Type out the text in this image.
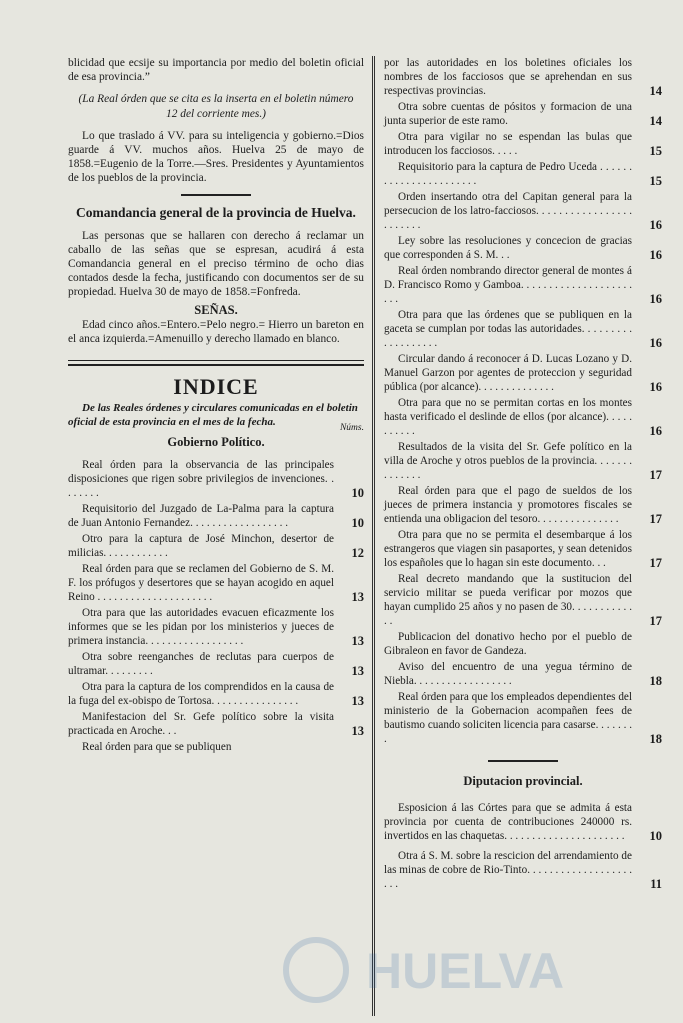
blicidad que ecsije su importancia por medio del boletin oficial de esa provincia.”

(La Real órden que se cita es la inserta en el boletin número 12 del corriente mes.)

Lo que traslado á VV. para su inteligencia y gobierno.=Dios guarde á VV. muchos años. Huelva 25 de mayo de 1858.=Eugenio de la Torre.—Sres. Presidentes y Ayuntamientos de los pueblos de la provincia.

Comandancia general de la provincia de Huelva.

Las personas que se hallaren con derecho á reclamar un caballo de las señas que se espresan, acudirá á esta Comandancia general en el preciso término de ocho dias contados desde la fecha, justificando con documentos ser de su propiedad. Huelva 30 de mayo de 1858.=Fonfreda.

SEÑAS.

Edad cinco años.=Entero.=Pelo negro.= Hierro un bareton en el anca izquierda.=Amenuillo y derecho llamado en blanco.

INDICE

De las Reales órdenes y circulares comunicadas en el boletin oficial de esta provincia en el mes de la fecha.

Núms.

Gobierno Político.

Real órden para la observancia de las principales disposiciones que rigen sobre privilegios de invenciones. . . . . . . .	10
Requisitorio del Juzgado de La-Palma para la captura de Juan Antonio Fernandez. . . . . . . . . . . . . . . . . .	10
Otro para la captura de José Minchon, desertor de milicias. . . . . . . . . . . .	12
Real órden para que se reclamen del Gobierno de S. M. F. los prófugos y desertores que se hayan acogido en aquel Reino . . . . . . . . . . . . . . . . . . . . .	13
Otra para que las autoridades evacuen eficazmente los informes que se les pidan por los ministerios y jueces de primera instancia. . . . . . . . . . . . . . . . . .	13
Otra sobre reenganches de reclutas para cuerpos de ultramar. . . . . . . . .	13
Otra para la captura de los comprendidos en la causa de la fuga del ex-obispo de Tortosa. . . . . . . . . . . . . . . .	13
Manifestacion del Sr. Gefe político sobre la visita practicada en Aroche. . .	13
Real órden para que se publiquen
por las autoridades en los boletines oficiales los nombres de los facciosos que se aprehendan en sus respectivas provincias.	14
Otra sobre cuentas de pósitos y formacion de una junta superior de este ramo.	14
Otra para vigilar no se espendan las bulas que introducen los facciosos. . . . .	15
Requisitorio para la captura de Pedro Uceda . . . . . . . . . . . . . . . . . . . . . . .	15
Orden insertando otra del Capitan general para la persecucion de los latro-facciosos. . . . . . . . . . . . . . . . . . . . . . . .	16
Ley sobre las resoluciones y concecion de gracias que corresponden á S. M. . .	16
Real órden nombrando director general de montes á D. Francisco Romo y Gamboa. . . . . . . . . . . . . . . . . . . . . . .	16
Otra para que las órdenes que se publiquen en la gaceta se cumplan por todas las autoridades. . . . . . . . . . . . . . . . . . .	16
Circular dando á reconocer á D. Lucas Lozano y D. Manuel Garzon por agentes de proteccion y seguridad pública (por alcance). . . . . . . . . . . . . .	16
Otra para que no se permitan cortas en los montes hasta verificado el deslinde de ellos (por alcance). . . . . . . . . . .	16
Resultados de la visita del Sr. Gefe político en la villa de Aroche y otros pueblos de la provincia. . . . . . . . . . . . . .	17
Real órden para que el pago de sueldos de los jueces de primera instancia y promotores fiscales se entienda una obligacion del tesoro. . . . . . . . . . . . . . .	17
Otra para que no se permita el desembarque á los estrangeros que viagen sin pasaportes, y sean detenidos los españoles que lo hagan sin este documento. . .	17
Real decreto mandando que la sustitucion del servicio militar se pueda verificar por mozos que hayan cumplido 25 años y no pasen de 30. . . . . . . . . . . . .	17
Publicacion del donativo hecho por el pueblo de Gibraleon en favor de Gandeza.
Aviso del encuentro de una yegua término de Niebla. . . . . . . . . . . . . . . . . .	18
Real órden para que los empleados dependientes del ministerio de la Gobernacion acompañen fees de bautismo cuando soliciten licencia para casarse. . . . . . . .	18

Diputacion provincial.

Esposicion á las Córtes para que se admita á esta provincia por cuenta de contribuciones 240000 rs. invertidos en las chaquetas. . . . . . . . . . . . . . . . . . . . . .	10
Otra á S. M. sobre la rescicion del arrendamiento de las minas de cobre de Rio-Tinto. . . . . . . . . . . . . . . . . . . . . .	11
HUELVA
